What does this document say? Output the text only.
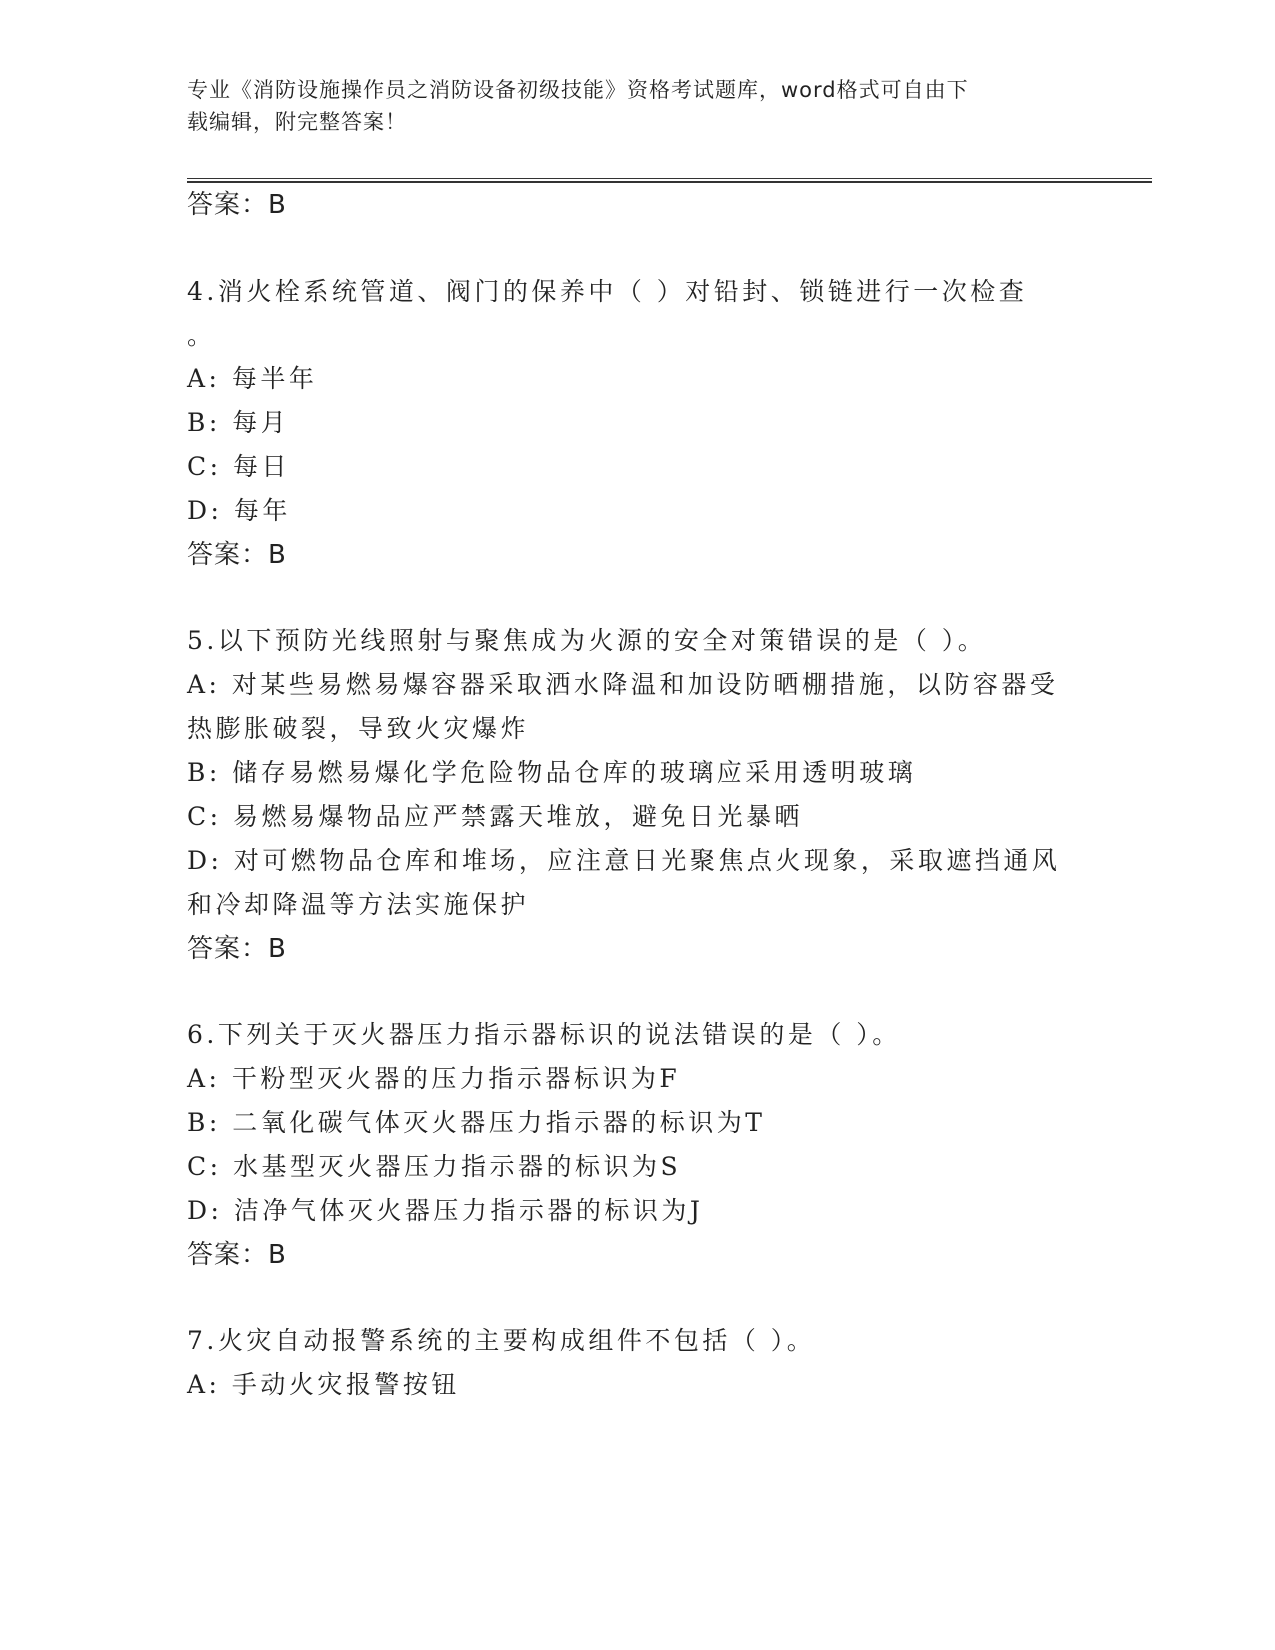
专业《消防设施操作员之消防设备初级技能》资格考试题库，word格式可自由下
载编辑，附完整答案！
答案：B
4.消火栓系统管道、阀门的保养中（ ）对铅封、锁链进行一次检查
。
A: 每半年
B: 每月
C: 每日
D: 每年
答案：B
5.以下预防光线照射与聚焦成为火源的安全对策错误的是（ ）。
A: 对某些易燃易爆容器采取洒水降温和加设防晒棚措施，以防容器受
热膨胀破裂，导致火灾爆炸
B: 储存易燃易爆化学危险物品仓库的玻璃应采用透明玻璃
C: 易燃易爆物品应严禁露天堆放，避免日光暴晒
D: 对可燃物品仓库和堆场，应注意日光聚焦点火现象，采取遮挡通风
和冷却降温等方法实施保护
答案：B
6.下列关于灭火器压力指示器标识的说法错误的是（ ）。
A: 干粉型灭火器的压力指示器标识为F
B: 二氧化碳气体灭火器压力指示器的标识为T
C: 水基型灭火器压力指示器的标识为S
D: 洁净气体灭火器压力指示器的标识为J
答案：B
7.火灾自动报警系统的主要构成组件不包括（ ）。
A: 手动火灾报警按钮
